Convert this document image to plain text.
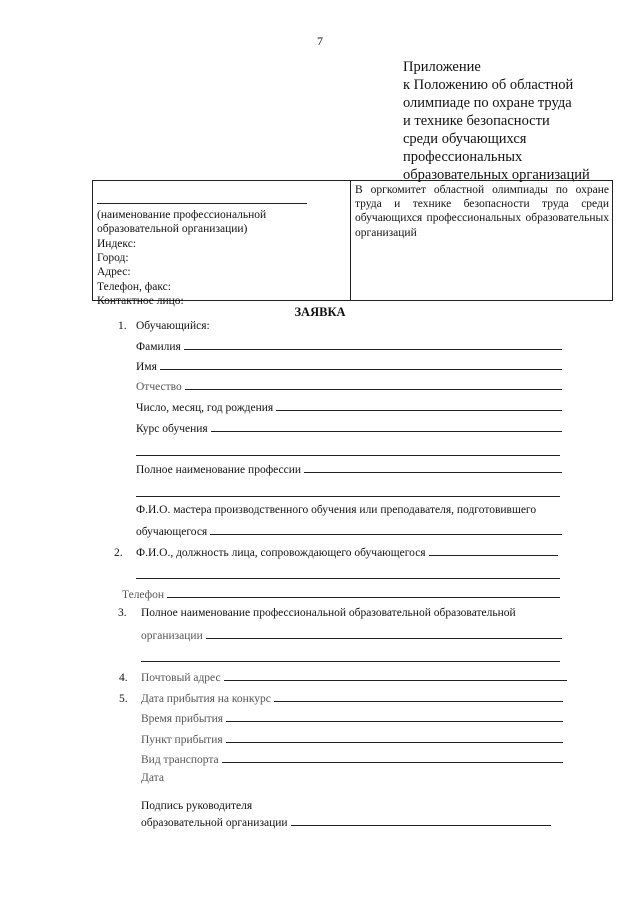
7
Приложение
к Положению об областной
олимпиаде по охране труда
и технике безопасности
среди обучающихся
профессиональных
образовательных организаций
(наименование профессиональной образовательной организации)
Индекс:
Город:
Адрес:
Телефон, факс:
Контактное лицо:
В оргкомитет областной олимпиады по охране труда и технике безопасности труда среди обучающихся профессиональных образовательных организаций
ЗАЯВКА
1. Обучающийся:
Фамилия
Имя
Отчество
Число, месяц, год рождения
Курс обучения
Полное наименование профессии
Ф.И.О. мастера производственного обучения или преподавателя, подготовившего
обучающегося
2. Ф.И.О., должность лица, сопровождающего обучающегося
Телефон
3. Полное наименование профессиональной образовательной образовательной
организации
4. Почтовый адрес
5. Дата прибытия на конкурс
Время прибытия
Пункт прибытия
Вид транспорта
Дата
Подпись руководителя
образовательной организации
